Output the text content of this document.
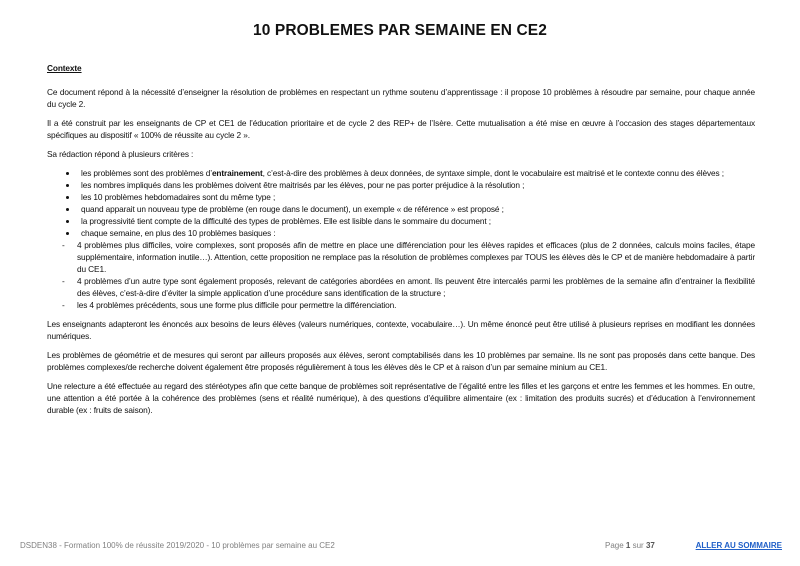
10 PROBLEMES PAR SEMAINE EN CE2
Contexte

Ce document répond à la nécessité d’enseigner la résolution de problèmes en respectant un rythme soutenu d’apprentissage : il propose 10 problèmes à résoudre par semaine, pour chaque année du cycle 2.

Il a été construit par les enseignants de CP et CE1 de l’éducation prioritaire et de cycle 2 des REP+ de l’Isère. Cette mutualisation a été mise en œuvre à l’occasion des stages départementaux spécifiques au dispositif « 100% de réussite au cycle 2 ».

Sa rédaction répond à plusieurs critères :

les problèmes sont des problèmes d’entrainement, c’est-à-dire des problèmes à deux données, de syntaxe simple, dont le vocabulaire est maitrisé et le contexte connu des élèves ;
les nombres impliqués dans les problèmes doivent être maitrisés par les élèves, pour ne pas porter préjudice à la résolution ;
les 10 problèmes hebdomadaires sont du même type ;
quand apparait un nouveau type de problème (en rouge dans le document), un exemple « de référence » est proposé ;
la progressivité tient compte de la difficulté des types de problèmes. Elle est lisible dans le sommaire du document ;
chaque semaine, en plus des 10 problèmes basiques :
- 4 problèmes plus difficiles, voire complexes, sont proposés afin de mettre en place une différenciation pour les élèves rapides et efficaces (plus de 2 données, calculs moins faciles, étape supplémentaire, information inutile…). Attention, cette proposition ne remplace pas la résolution de problèmes complexes par TOUS les élèves dès le CP et de manière hebdomadaire à partir du CE1.
- 4 problèmes d’un autre type sont également proposés, relevant de catégories abordées en amont. Ils peuvent être intercalés parmi les problèmes de la semaine afin d’entrainer la flexibilité des élèves, c’est-à-dire d’éviter la simple application d’une procédure sans identification de la structure ;
- les 4 problèmes précédents, sous une forme plus difficile pour permettre la différenciation.

Les enseignants adapteront les énoncés aux besoins de leurs élèves (valeurs numériques, contexte, vocabulaire…). Un même énoncé peut être utilisé à plusieurs reprises en modifiant les données numériques.

Les problèmes de géométrie et de mesures qui seront par ailleurs proposés aux élèves, seront comptabilisés dans les 10 problèmes par semaine. Ils ne sont pas proposés dans cette banque. Des problèmes complexes/de recherche doivent également être proposés régulièrement à tous les élèves dès le CP et à raison d’un par semaine minium au CE1.

Une relecture a été effectuée au regard des stéréotypes afin que cette banque de problèmes soit représentative de l’égalité entre les filles et les garçons et entre les femmes et les hommes. En outre, une attention a été portée à la cohérence des problèmes (sens et réalité numérique), à des questions d’équilibre alimentaire (ex : limitation des produits sucrés) et d’éducation à l’environnement durable (ex : fruits de saison).

DSDEN38 - Formation 100% de réussite 2019/2020 - 10 problèmes par semaine au CE2	Page 1 sur 37	ALLER AU SOMMAIRE
